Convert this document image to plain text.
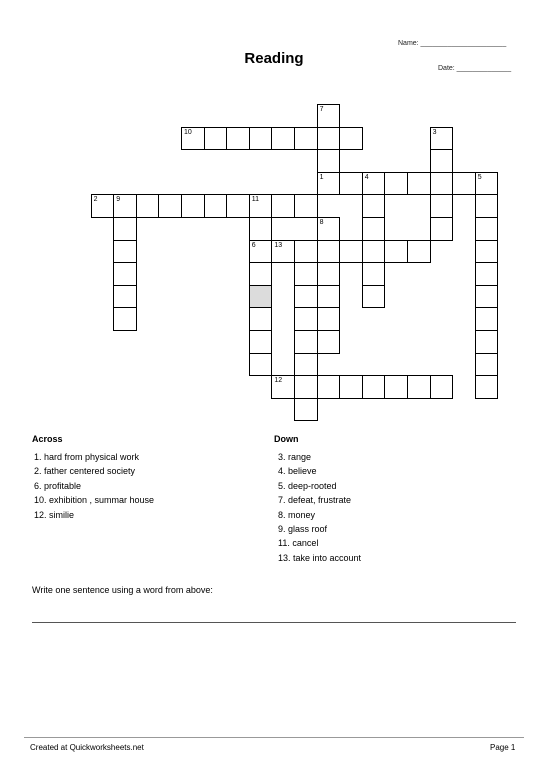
Name: ______________________
Reading
Date: ______________
7
10	3
1	4	5
2	9	11
8
6	13
12
Across
1. hard from physical work
2. father centered society
6. profitable
10. exhibition , summar house
12. similie
Down
3. range
4. believe
5. deep-rooted
7. defeat, frustrate
8. money
9. glass roof
11. cancel
13. take into account
Write one sentence using a word from above:
Created at Quickworksheets.net	Page 1
